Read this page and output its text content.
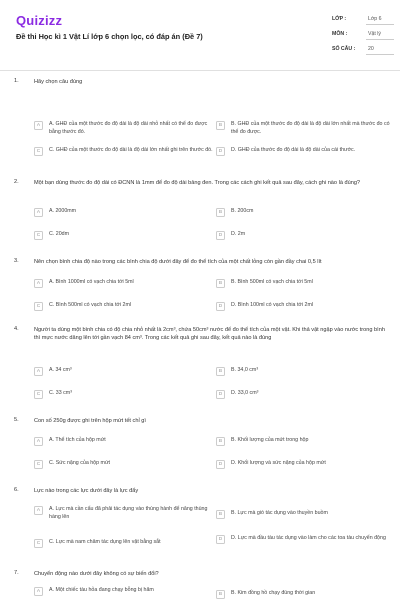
Quizizz
Đề thi Học kì 1 Vật Lí lớp 6 chọn lọc, có đáp án (Đề 7)
LỚP :	Lớp 6
MÔN :	Vật lý
SỐ CÂU : 20
1.	Hãy chọn câu đúng
A	A. GHĐ của một thước đo độ dài là độ dài nhỏ nhất có thể đo được bằng thước đó.
B	B. GHĐ của một thước đo độ dài là độ dài lớn nhất mà thước đo có thể đo được.
C	C. GHĐ của một thước đo độ dài là độ dài lớn nhất ghi trên thước đó.	D	D. GHĐ của thước đo độ dài là độ dài của cái thước.
2.	Một bạn dùng thước đo độ dài có ĐCNN là 1mm để đo độ dài bảng đen. Trong các cách ghi kết quả sau đây, cách ghi nào là đúng?
A	A. 2000mm	B	B. 200cm
C	C. 20dm	D	D. 2m
3.	Nên chọn bình chia độ nào trong các bình chia độ dưới đây để đo thể tích của một chất lỏng còn gần đầy chai 0,5 lít
A	A. Bình 1000ml có vạch chia tới 5ml	B	B. Bình 500ml có vạch chia tới 5ml
C	C. Bình 500ml có vạch chia tới 2ml	D	D. Bình 100ml có vạch chia tới 2ml
4.	Người ta dùng một bình chia có độ chia nhỏ nhất là 2cm³, chứa 50cm³ nước để đo thể tích của một vật. Khi thả vật ngập vào nước trong bình thì mực nước dâng lên tới gần vạch 84 cm³. Trong các kết quả ghi sau đây, kết quả nào là đúng
A	A. 34 cm³	B	B. 34,0 cm³
C	C. 33 cm³	D	D. 33,0 cm³
5.	Con số 250g được ghi trên hộp mứt tết chỉ gì
A	A. Thể tích của hộp mứt	B	B. Khối lượng của mứt trong hộp
C	C. Sức nặng của hộp mứt	D	D. Khối lượng và sức nặng của hộp mứt
6.	Lực nào trong các lực dưới đây là lực đẩy
A	A. Lực mà cần cẩu đã phải tác dụng vào thùng hành để nâng thùng hàng lên	B	B. Lực mà gió tác dụng vào thuyền buồm
C	C. Lực mà nam châm tác dụng lên vật bằng sắt	D	D. Lực mà đầu tàu tác dụng vào làm cho các toa tàu chuyển động
7.	Chuyển động nào dưới đây không có sự biến đổi?
A	A. Một chiếc tàu hỏa đang chạy bỗng bị hãm
B	B. Kim đồng hồ chạy đúng thời gian
